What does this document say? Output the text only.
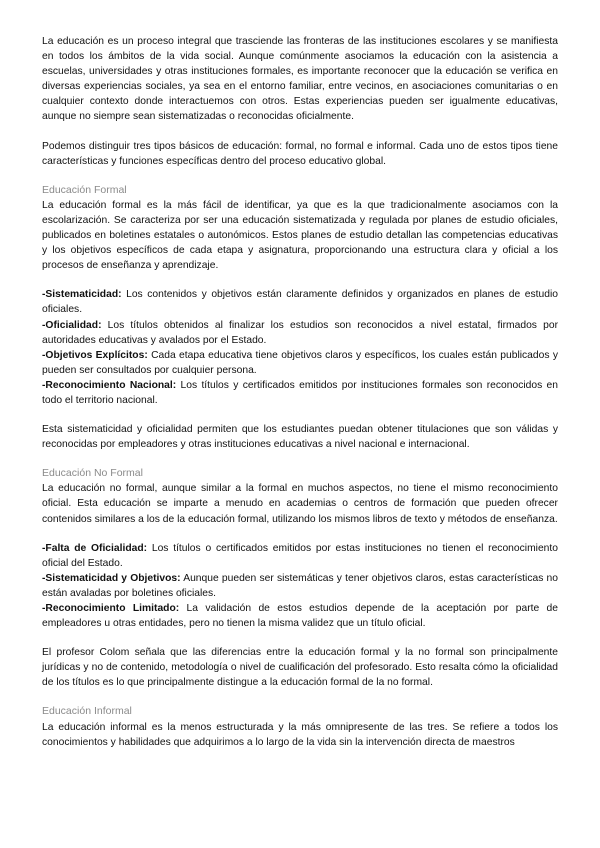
La educación es un proceso integral que trasciende las fronteras de las instituciones escolares y se manifiesta en todos los ámbitos de la vida social. Aunque comúnmente asociamos la educación con la asistencia a escuelas, universidades y otras instituciones formales, es importante reconocer que la educación se verifica en diversas experiencias sociales, ya sea en el entorno familiar, entre vecinos, en asociaciones comunitarias o en cualquier contexto donde interactuemos con otros. Estas experiencias pueden ser igualmente educativas, aunque no siempre sean sistematizadas o reconocidas oficialmente.

Podemos distinguir tres tipos básicos de educación: formal, no formal e informal. Cada uno de estos tipos tiene características y funciones específicas dentro del proceso educativo global.

Educación Formal

La educación formal es la más fácil de identificar, ya que es la que tradicionalmente asociamos con la escolarización. Se caracteriza por ser una educación sistematizada y regulada por planes de estudio oficiales, publicados en boletines estatales o autonómicos. Estos planes de estudio detallan las competencias educativas y los objetivos específicos de cada etapa y asignatura, proporcionando una estructura clara y oficial a los procesos de enseñanza y aprendizaje.

-Sistematicidad: Los contenidos y objetivos están claramente definidos y organizados en planes de estudio oficiales.

-Oficialidad: Los títulos obtenidos al finalizar los estudios son reconocidos a nivel estatal, firmados por autoridades educativas y avalados por el Estado.

-Objetivos Explícitos: Cada etapa educativa tiene objetivos claros y específicos, los cuales están publicados y pueden ser consultados por cualquier persona.

-Reconocimiento Nacional: Los títulos y certificados emitidos por instituciones formales son reconocidos en todo el territorio nacional.

Esta sistematicidad y oficialidad permiten que los estudiantes puedan obtener titulaciones que son válidas y reconocidas por empleadores y otras instituciones educativas a nivel nacional e internacional.

Educación No Formal

La educación no formal, aunque similar a la formal en muchos aspectos, no tiene el mismo reconocimiento oficial. Esta educación se imparte a menudo en academias o centros de formación que pueden ofrecer contenidos similares a los de la educación formal, utilizando los mismos libros de texto y métodos de enseñanza.

-Falta de Oficialidad: Los títulos o certificados emitidos por estas instituciones no tienen el reconocimiento oficial del Estado.

-Sistematicidad y Objetivos: Aunque pueden ser sistemáticas y tener objetivos claros, estas características no están avaladas por boletines oficiales.

-Reconocimiento Limitado: La validación de estos estudios depende de la aceptación por parte de empleadores u otras entidades, pero no tienen la misma validez que un título oficial.

El profesor Colom señala que las diferencias entre la educación formal y la no formal son principalmente jurídicas y no de contenido, metodología o nivel de cualificación del profesorado. Esto resalta cómo la oficialidad de los títulos es lo que principalmente distingue a la educación formal de la no formal.

Educación Informal

La educación informal es la menos estructurada y la más omnipresente de las tres. Se refiere a todos los conocimientos y habilidades que adquirimos a lo largo de la vida sin la intervención directa de maestros
